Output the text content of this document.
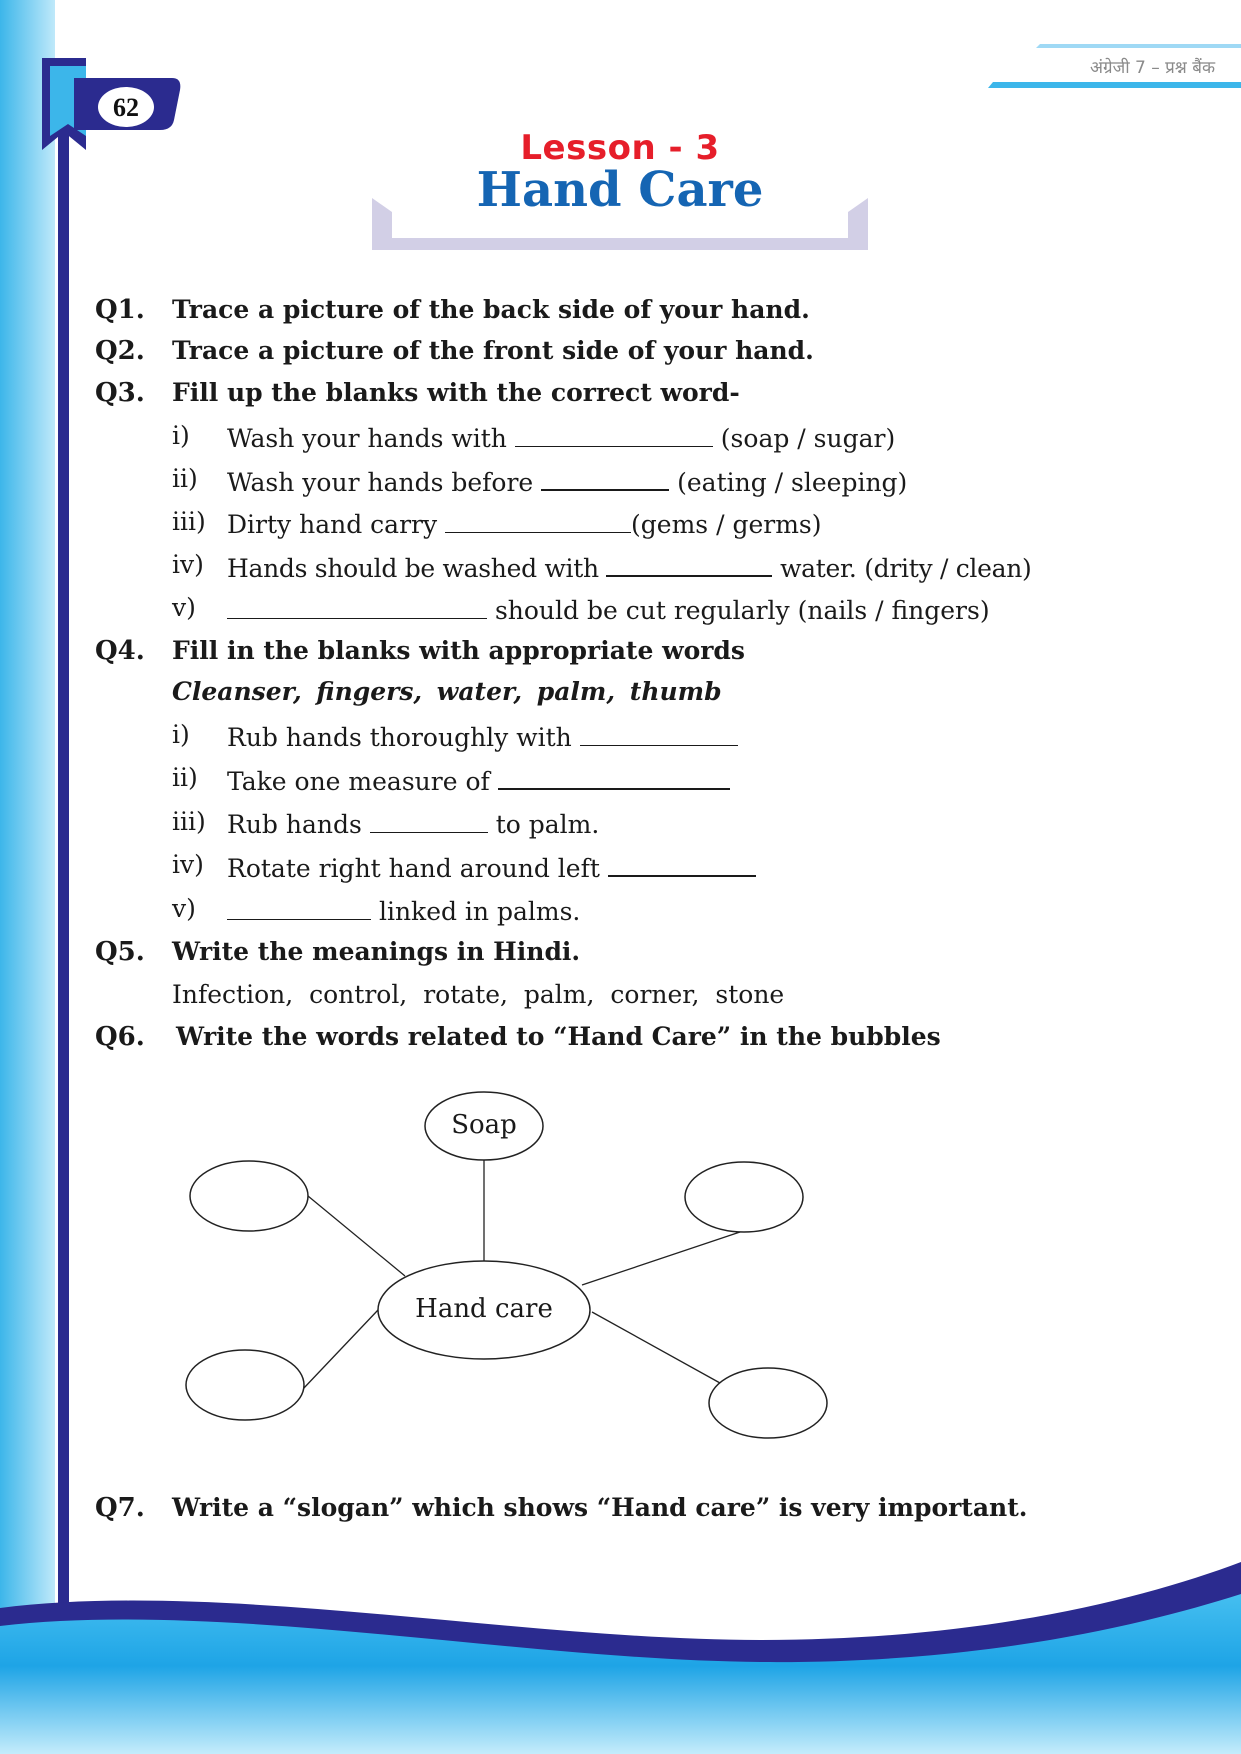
अंग्रेजी 7 – प्रश्न बैंक
62
Lesson - 3
Hand Care
Q1. Trace a picture of the back side of your hand.
Q2. Trace a picture of the front side of your hand.
Q3. Fill up the blanks with the correct word-
i) Wash your hands with	(soap / sugar)
ii) Wash your hands before	(eating / sleeping)
iii) Dirty hand carry	(gems / germs)
iv) Hands should be washed with	water. (drity / clean)
v)	should be cut regularly (nails / fingers)
Q4. Fill in the blanks with appropriate words
Cleanser, fingers, water, palm, thumb
i) Rub hands thoroughly with
ii) Take one measure of
iii) Rub hands	to palm.
iv) Rotate right hand around left
v)	linked in palms.
Q5. Write the meanings in Hindi.
Infection, control, rotate, palm, corner, stone
Q6. Write the words related to “Hand Care” in the bubbles
Soap
Hand care
Q7. Write a “slogan” which shows “Hand care” is very important.
